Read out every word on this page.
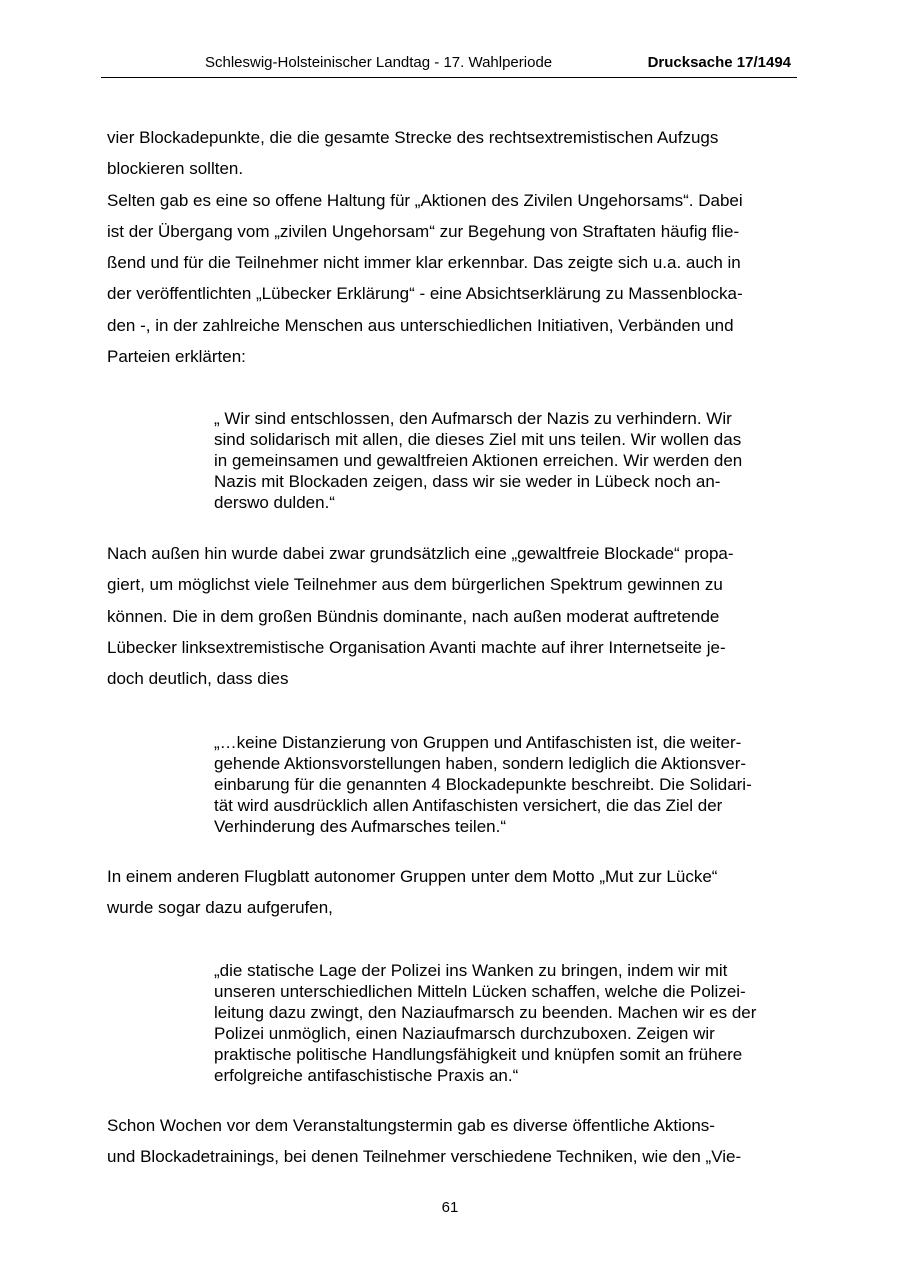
Schleswig-Holsteinischer Landtag - 17. Wahlperiode	Drucksache 17/1494
vier Blockadepunkte, die die gesamte Strecke des rechtsextremistischen Aufzugs
blockieren sollten.
Selten gab es eine so offene Haltung für „Aktionen des Zivilen Ungehorsams“. Dabei
ist der Übergang vom „zivilen Ungehorsam“ zur Begehung von Straftaten häufig flie-
ßend und für die Teilnehmer nicht immer klar erkennbar. Das zeigte sich u.a. auch in
der veröffentlichten „Lübecker Erklärung“ - eine Absichtserklärung zu Massenblocka-
den -, in der zahlreiche Menschen aus unterschiedlichen Initiativen, Verbänden und
Parteien erklärten:
„ Wir sind entschlossen, den Aufmarsch der Nazis zu verhindern. Wir
sind solidarisch mit allen, die dieses Ziel mit uns teilen. Wir wollen das
in gemeinsamen und gewaltfreien Aktionen erreichen. Wir werden den
Nazis mit Blockaden zeigen, dass wir sie weder in Lübeck noch an-
derswo dulden.“
Nach außen hin wurde dabei zwar grundsätzlich eine „gewaltfreie Blockade“ propa-
giert, um möglichst viele Teilnehmer aus dem bürgerlichen Spektrum gewinnen zu
können. Die in dem großen Bündnis dominante, nach außen moderat auftretende
Lübecker linksextremistische Organisation Avanti machte auf ihrer Internetseite je-
doch deutlich, dass dies
„…keine Distanzierung von Gruppen und Antifaschisten ist, die weiter-
gehende Aktionsvorstellungen haben, sondern lediglich die Aktionsver-
einbarung für die genannten 4 Blockadepunkte beschreibt. Die Solidari-
tät wird ausdrücklich allen Antifaschisten versichert, die das Ziel der
Verhinderung des Aufmarsches teilen.“
In einem anderen Flugblatt autonomer Gruppen unter dem Motto „Mut zur Lücke“
wurde sogar dazu aufgerufen,
„die statische Lage der Polizei ins Wanken zu bringen, indem wir mit
unseren unterschiedlichen Mitteln Lücken schaffen, welche die Polizei-
leitung dazu zwingt, den Naziaufmarsch zu beenden. Machen wir es der
Polizei unmöglich, einen Naziaufmarsch durchzuboxen. Zeigen wir
praktische politische Handlungsfähigkeit und knüpfen somit an frühere
erfolgreiche antifaschistische Praxis an.“
Schon Wochen vor dem Veranstaltungstermin gab es diverse öffentliche Aktions-
und Blockadetrainings, bei denen Teilnehmer verschiedene Techniken, wie den „Vie-
61
